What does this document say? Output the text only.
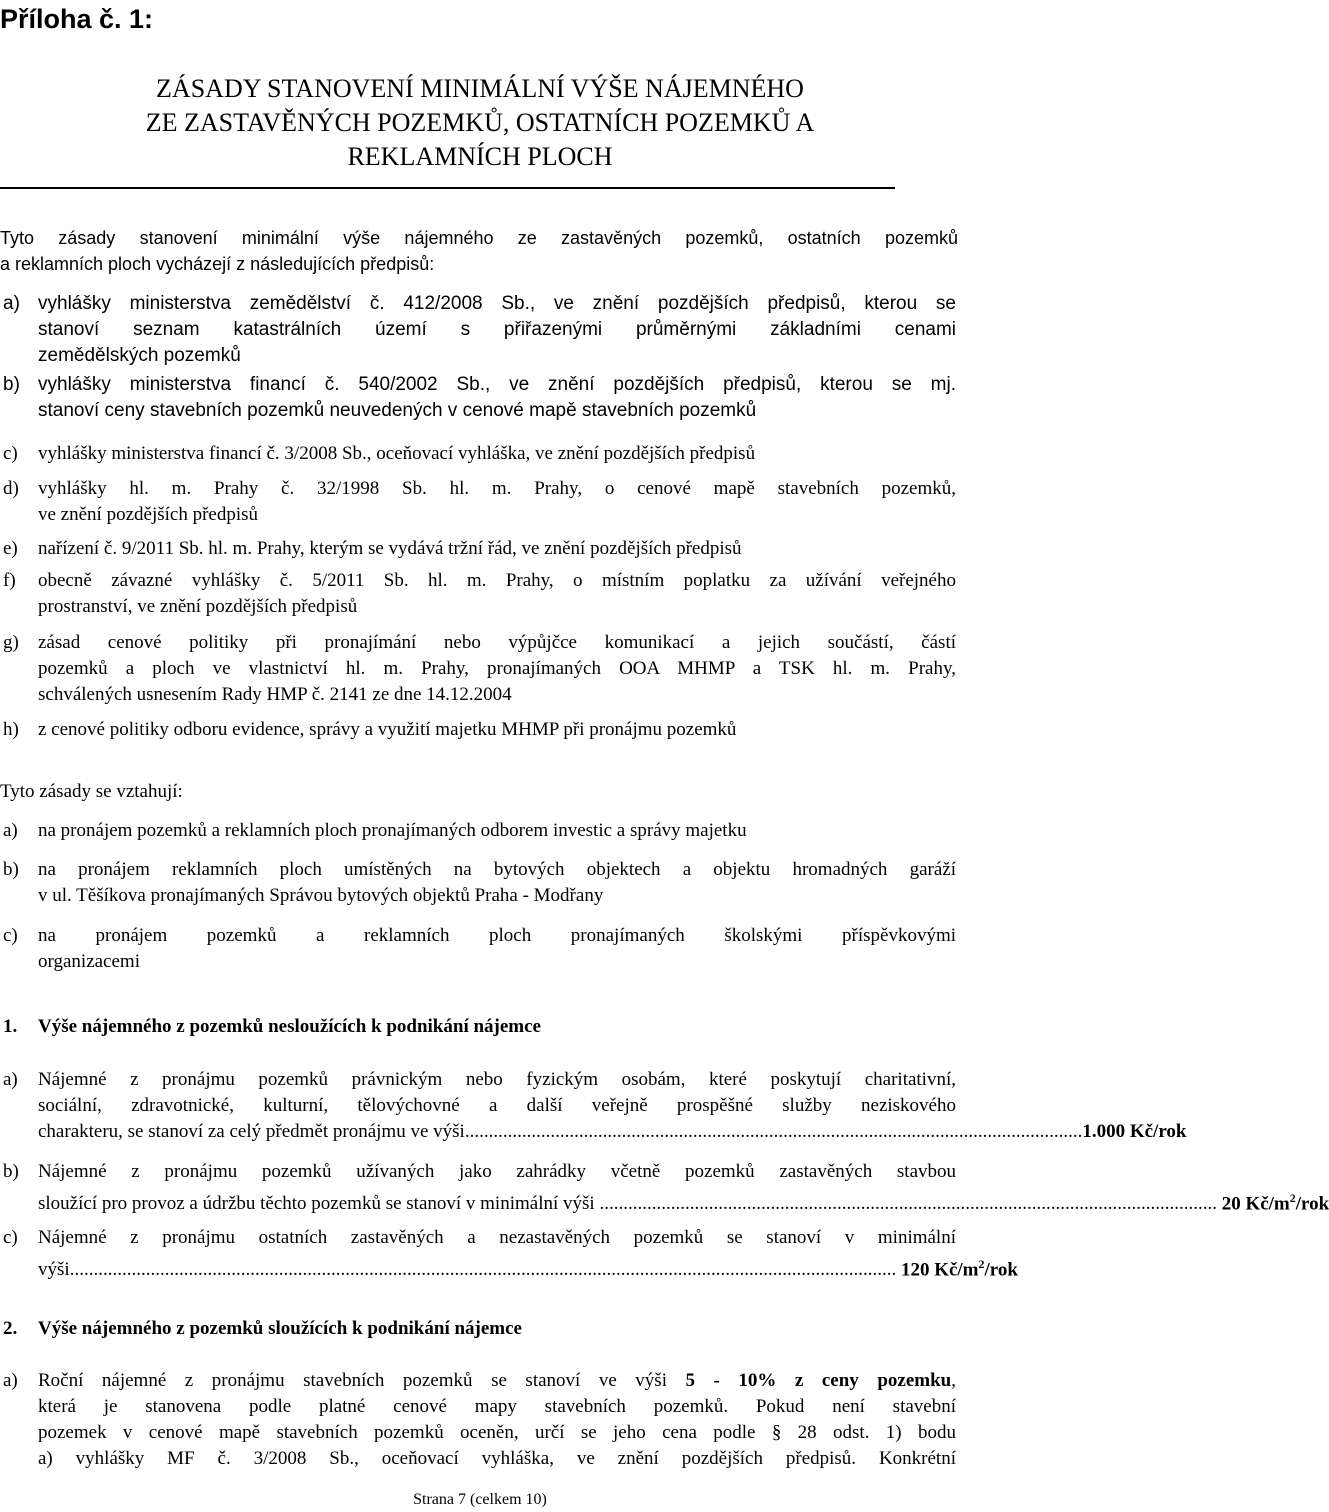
Příloha č. 1:
ZÁSADY STANOVENÍ MINIMÁLNÍ VÝŠE NÁJEMNÉHO
ZE ZASTAVĚNÝCH POZEMKŮ, OSTATNÍCH POZEMKŮ A
REKLAMNÍCH PLOCH
Tyto zásady stanovení minimální výše nájemného ze zastavěných pozemků, ostatních pozemků
a reklamních ploch vycházejí z následujících předpisů:
a) vyhlášky ministerstva zemědělství č. 412/2008 Sb., ve znění pozdějších předpisů, kterou se
stanoví seznam katastrálních území s přiřazenými průměrnými základními cenami
zemědělských pozemků
b) vyhlášky ministerstva financí č. 540/2002 Sb., ve znění pozdějších předpisů, kterou se mj.
stanoví ceny stavebních pozemků neuvedených v cenové mapě stavebních pozemků
c) vyhlášky ministerstva financí č. 3/2008 Sb., oceňovací vyhláška, ve znění pozdějších předpisů
d) vyhlášky hl. m. Prahy č. 32/1998 Sb. hl. m. Prahy, o cenové mapě stavebních pozemků,
ve znění pozdějších předpisů
e) nařízení č. 9/2011 Sb. hl. m. Prahy, kterým se vydává tržní řád, ve znění pozdějších předpisů
f) obecně závazné vyhlášky č. 5/2011 Sb. hl. m. Prahy, o místním poplatku za užívání veřejného
prostranství, ve znění pozdějších předpisů
g) zásad cenové politiky při pronajímání nebo výpůjčce komunikací a jejich součástí, částí
pozemků a ploch ve vlastnictví hl. m. Prahy, pronajímaných OOA MHMP a TSK hl. m. Prahy,
schválených usnesením Rady HMP č. 2141 ze dne 14.12.2004
h) z cenové politiky odboru evidence, správy a využití majetku MHMP při pronájmu pozemků
Tyto zásady se vztahují:
a) na pronájem pozemků a reklamních ploch pronajímaných odborem investic a správy majetku
b) na pronájem reklamních ploch umístěných na bytových objektech a objektu hromadných garáží
v ul. Těšíkova pronajímaných Správou bytových objektů Praha - Modřany
c) na pronájem pozemků a reklamních ploch pronajímaných školskými příspěvkovými
organizacemi
1. Výše nájemného z pozemků nesloužících k podnikání nájemce
a) Nájemné z pronájmu pozemků právnickým nebo fyzickým osobám, které poskytují charitativní,
sociální, zdravotnické, kulturní, tělovýchovné a další veřejně prospěšné služby neziskového
charakteru, se stanoví za celý předmět pronájmu ve výši .................................................................................................................................. 1.000 Kč/rok
b) Nájemné z pronájmu pozemků užívaných jako zahrádky včetně pozemků zastavěných stavbou
sloužící pro provoz a údržbu těchto pozemků se stanoví v minimální výši .................................................................................................................................. 20 $Kč/m^2$/rok
c) Nájemné z pronájmu ostatních zastavěných a nezastavěných pozemků se stanoví v minimální
výši .............................................................................................................................................................................. 120 $Kč/m^2$/rok
2. Výše nájemného z pozemků sloužících k podnikání nájemce
a) Roční nájemné z pronájmu stavebních pozemků se stanoví ve výši 5 - 10% z ceny pozemku,
která je stanovena podle platné cenové mapy stavebních pozemků. Pokud není stavební
pozemek v cenové mapě stavebních pozemků oceněn, určí se jeho cena podle § 28 odst. 1) bodu
a) vyhlášky MF č. 3/2008 Sb., oceňovací vyhláška, ve znění pozdějších předpisů. Konkrétní
Strana 7 (celkem 10)
